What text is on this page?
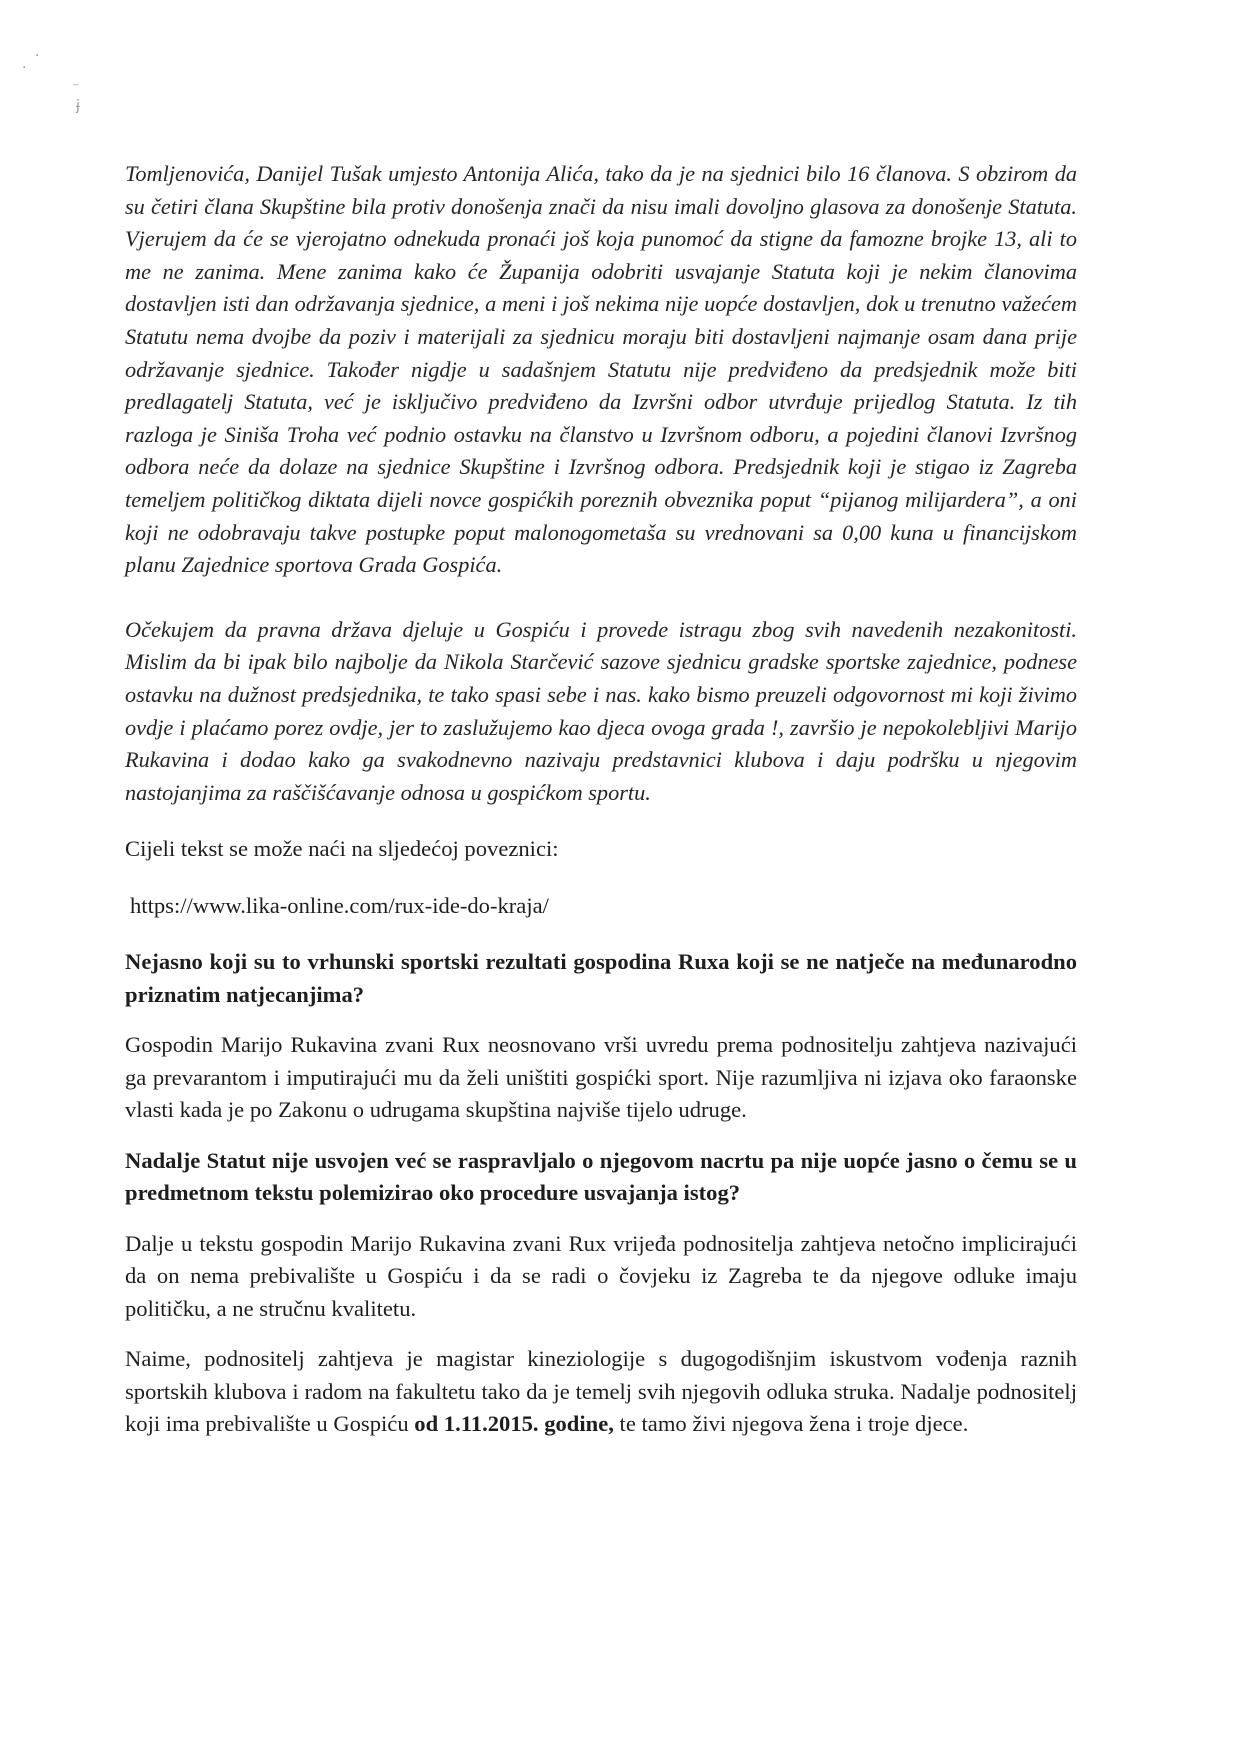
·
·
⁻
ɉ

Tomljenovića, Danijel Tušak umjesto Antonija Alića, tako da je na sjednici bilo 16 članova. S obzirom da su četiri člana Skupštine bila protiv donošenja znači da nisu imali dovoljno glasova za donošenje Statuta. Vjerujem da će se vjerojatno odnekuda pronaći još koja punomoć da stigne da famozne brojke 13, ali to me ne zanima. Mene zanima kako će Županija odobriti usvajanje Statuta koji je nekim članovima dostavljen isti dan održavanja sjednice, a meni i još nekima nije uopće dostavljen, dok u trenutno važećem Statutu nema dvojbe da poziv i materijali za sjednicu moraju biti dostavljeni najmanje osam dana prije održavanje sjednice. Također nigdje u sadašnjem Statutu nije predviđeno da predsjednik može biti predlagatelj Statuta, već je isključivo predviđeno da Izvršni odbor utvrđuje prijedlog Statuta. Iz tih razloga je Siniša Troha već podnio ostavku na članstvo u Izvršnom odboru, a pojedini članovi Izvršnog odbora neće da dolaze na sjednice Skupštine i Izvršnog odbora. Predsjednik koji je stigao iz Zagreba temeljem političkog diktata dijeli novce gospićkih poreznih obveznika poput “pijanog milijardera”, a oni koji ne odobravaju takve postupke poput malonogometaša su vrednovani sa 0,00 kuna u financijskom planu Zajednice sportova Grada Gospića.

Očekujem da pravna država djeluje u Gospiću i provede istragu zbog svih navedenih nezakonitosti. Mislim da bi ipak bilo najbolje da Nikola Starčević sazove sjednicu gradske sportske zajednice, podnese ostavku na dužnost predsjednika, te tako spasi sebe i nas. kako bismo preuzeli odgovornost mi koji živimo ovdje i plaćamo porez ovdje, jer to zaslužujemo kao djeca ovoga grada !, završio je nepokolebljivi Marijo Rukavina i dodao kako ga svakodnevno nazivaju predstavnici klubova i daju podršku u njegovim nastojanjima za raščišćavanje odnosa u gospićkom sportu.

Cijeli tekst se može naći na sljedećoj poveznici:

https://www.lika-online.com/rux-ide-do-kraja/

Nejasno koji su to vrhunski sportski rezultati gospodina Ruxa koji se ne natječe na međunarodno priznatim natjecanjima?

Gospodin Marijo Rukavina zvani Rux neosnovano vrši uvredu prema podnositelju zahtjeva nazivajući ga prevarantom i imputirajući mu da želi uništiti gospićki sport. Nije razumljiva ni izjava oko faraonske vlasti kada je po Zakonu o udrugama skupština najviše tijelo udruge.

Nadalje Statut nije usvojen već se raspravljalo o njegovom nacrtu pa nije uopće jasno o čemu se u predmetnom tekstu polemizirao oko procedure usvajanja istog?

Dalje u tekstu gospodin Marijo Rukavina zvani Rux vrijeđa podnositelja zahtjeva netočno implicirajući da on nema prebivalište u Gospiću i da se radi o čovjeku iz Zagreba te da njegove odluke imaju političku, a ne stručnu kvalitetu.

Naime, podnositelj zahtjeva je magistar kineziologije s dugogodišnjim iskustvom vođenja raznih sportskih klubova i radom na fakultetu tako da je temelj svih njegovih odluka struka. Nadalje podnositelj koji ima prebivalište u Gospiću od 1.11.2015. godine, te tamo živi njegova žena i troje djece.
